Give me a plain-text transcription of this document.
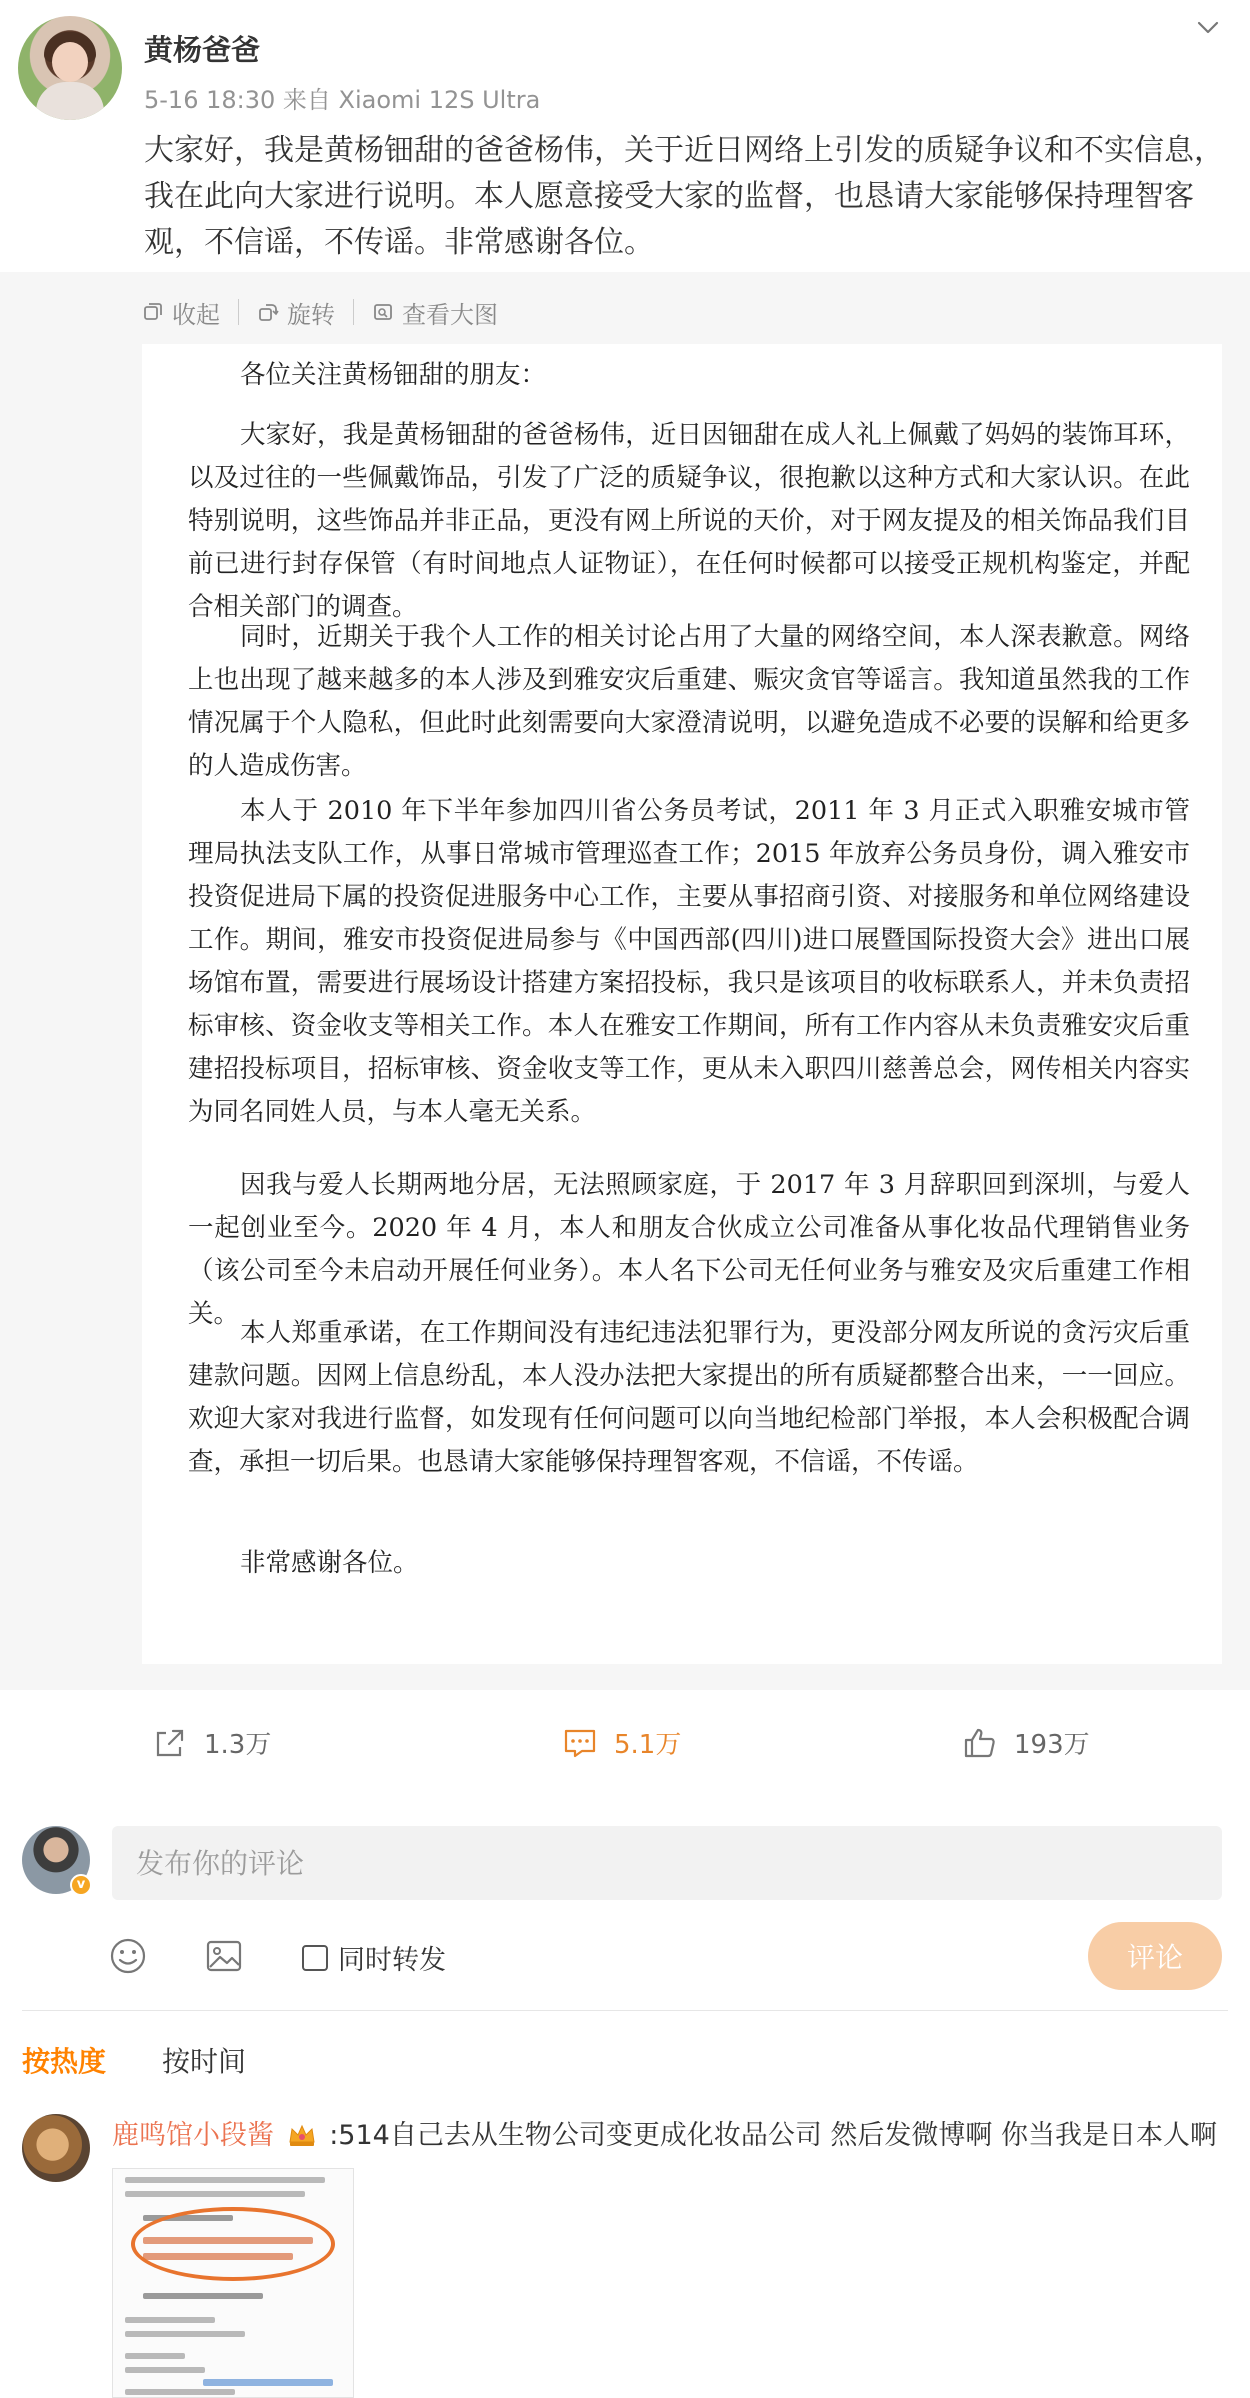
黄杨爸爸
5-16 18:30 来自 Xiaomi 12S Ultra
大家好，我是黄杨钿甜的爸爸杨伟，关于近日网络上引发的质疑争议和不实信息，我在此向大家进行说明。本人愿意接受大家的监督，也恳请大家能够保持理智客观，不信谣，不传谣。非常感谢各位。
收起	旋转	查看大图

各位关注黄杨钿甜的朋友：

大家好，我是黄杨钿甜的爸爸杨伟，近日因钿甜在成人礼上佩戴了妈妈的装饰耳环，以及过往的一些佩戴饰品，引发了广泛的质疑争议，很抱歉以这种方式和大家认识。在此特别说明，这些饰品并非正品，更没有网上所说的天价，对于网友提及的相关饰品我们目前已进行封存保管（有时间地点人证物证），在任何时候都可以接受正规机构鉴定，并配合相关部门的调查。

同时，近期关于我个人工作的相关讨论占用了大量的网络空间，本人深表歉意。网络上也出现了越来越多的本人涉及到雅安灾后重建、赈灾贪官等谣言。我知道虽然我的工作情况属于个人隐私，但此时此刻需要向大家澄清说明，以避免造成不必要的误解和给更多的人造成伤害。

本人于 2010 年下半年参加四川省公务员考试，2011 年 3 月正式入职雅安城市管理局执法支队工作，从事日常城市管理巡查工作；2015 年放弃公务员身份，调入雅安市投资促进局下属的投资促进服务中心工作，主要从事招商引资、对接服务和单位网络建设工作。期间，雅安市投资促进局参与《中国西部(四川)进口展暨国际投资大会》进出口展场馆布置，需要进行展场设计搭建方案招投标，我只是该项目的收标联系人，并未负责招标审核、资金收支等相关工作。本人在雅安工作期间，所有工作内容从未负责雅安灾后重建招投标项目，招标审核、资金收支等工作，更从未入职四川慈善总会，网传相关内容实为同名同姓人员，与本人毫无关系。

因我与爱人长期两地分居，无法照顾家庭，于 2017 年 3 月辞职回到深圳，与爱人一起创业至今。2020 年 4 月，本人和朋友合伙成立公司准备从事化妆品代理销售业务（该公司至今未启动开展任何业务）。本人名下公司无任何业务与雅安及灾后重建工作相关。

本人郑重承诺，在工作期间没有违纪违法犯罪行为，更没部分网友所说的贪污灾后重建款问题。因网上信息纷乱，本人没办法把大家提出的所有质疑都整合出来，一一回应。欢迎大家对我进行监督，如发现有任何问题可以向当地纪检部门举报，本人会积极配合调查，承担一切后果。也恳请大家能够保持理智客观，不信谣，不传谣。

非常感谢各位。

1.3万	5.1万	193万
v
发布你的评论
同时转发	评论
按热度 按时间
鹿鸣馆小段酱 :514自己去从生物公司变更成化妆品公司 然后发微博啊 你当我是日本人啊
